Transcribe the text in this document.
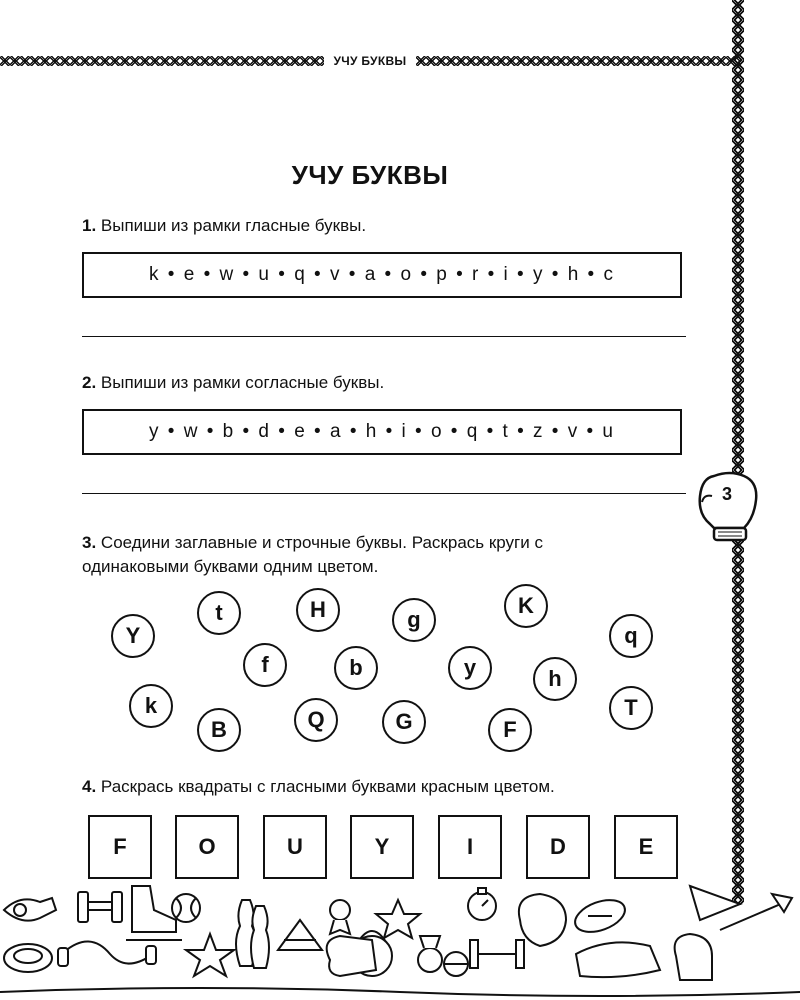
УЧУ БУКВЫ
3
УЧУ БУКВЫ
1. Выпиши из рамки гласные буквы.
k • e • w • u • q • v • a • o • p • r • i • y • h • c
2. Выпиши из рамки согласные буквы.
y • w • b • d • e • a • h • i • o • q • t • z • v • u
3. Соедини заглавные и строчные буквы. Раскрась круги с
одинаковыми буквами одним цветом.
Y
t	H	g
K
q
f	b	y	h
k
B	Q	G	F
T
4. Раскрась квадраты с гласными буквами красным цветом.
F	O	U	Y	I	D	E
